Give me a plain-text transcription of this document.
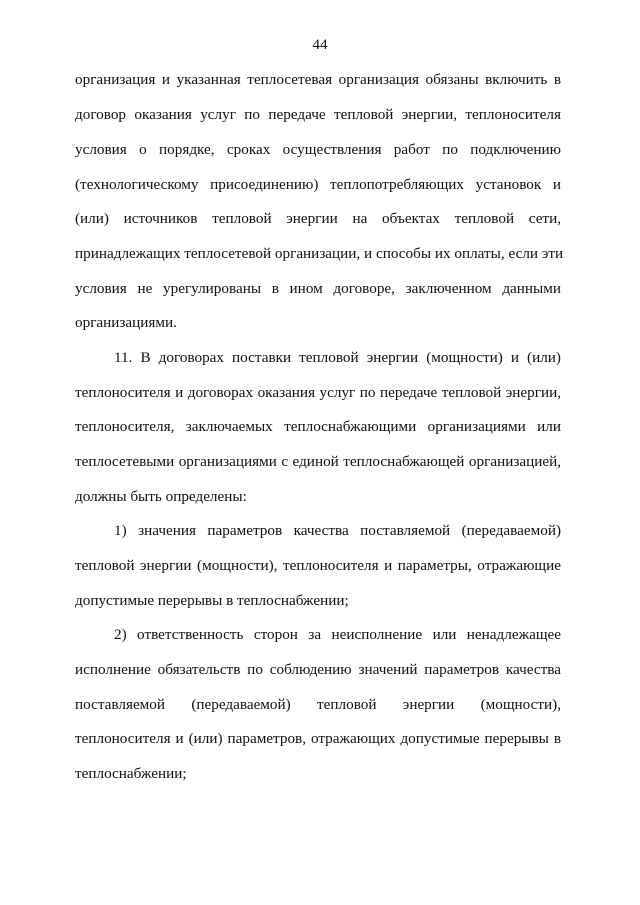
44
организация и указанная теплосетевая организация обязаны включить в
договор оказания услуг по передаче тепловой энергии, теплоносителя
условия о порядке, сроках осуществления работ по подключению
(технологическому присоединению) теплопотребляющих установок и
(или) источников тепловой энергии на объектах тепловой сети,
принадлежащих теплосетевой организации, и способы их оплаты, если эти
условия не урегулированы в ином договоре, заключенном данными
организациями.
11. В договорах поставки тепловой энергии (мощности) и (или)
теплоносителя и договорах оказания услуг по передаче тепловой энергии,
теплоносителя, заключаемых теплоснабжающими организациями или
теплосетевыми организациями с единой теплоснабжающей организацией,
должны быть определены:
1) значения параметров качества поставляемой (передаваемой)
тепловой энергии (мощности), теплоносителя и параметры, отражающие
допустимые перерывы в теплоснабжении;
2) ответственность сторон за неисполнение или ненадлежащее
исполнение обязательств по соблюдению значений параметров качества
поставляемой (передаваемой) тепловой энергии (мощности),
теплоносителя и (или) параметров, отражающих допустимые перерывы в
теплоснабжении;
